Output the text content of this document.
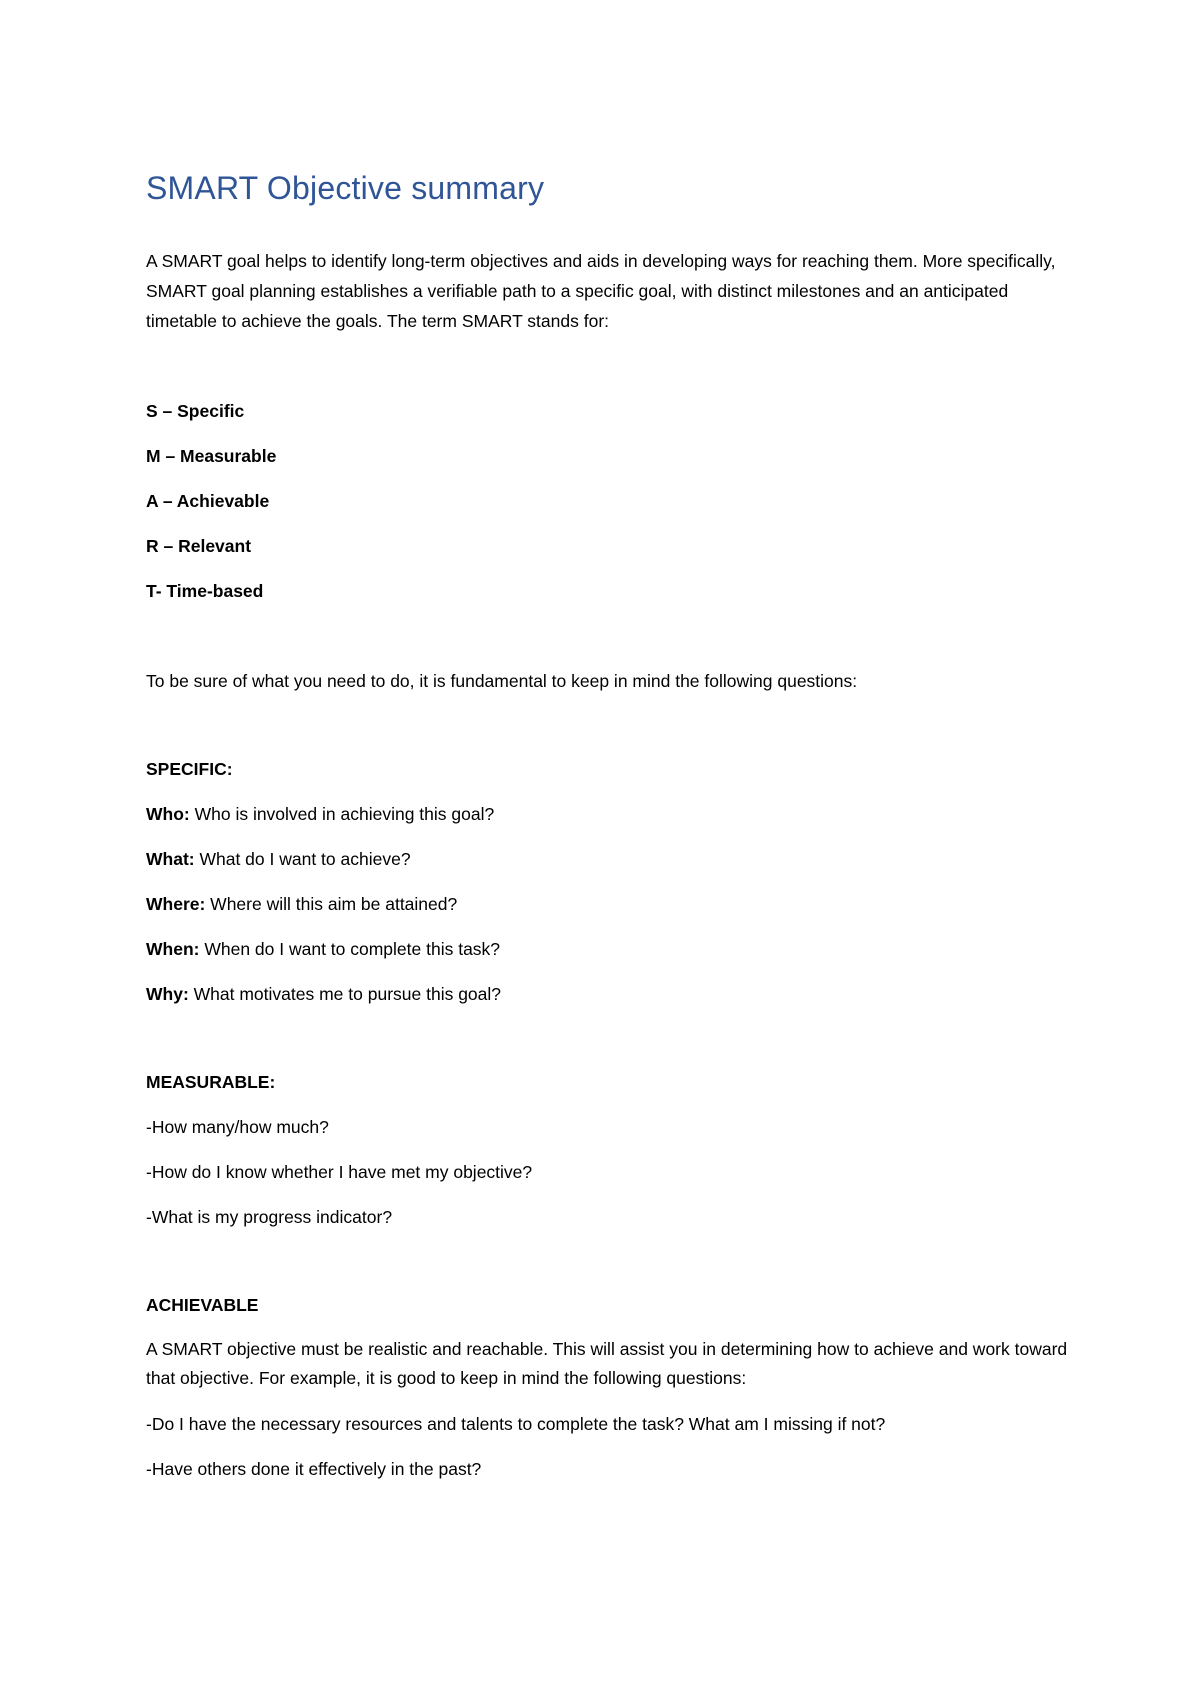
SMART Objective summary

A SMART goal helps to identify long-term objectives and aids in developing ways for reaching them. More specifically, SMART goal planning establishes a verifiable path to a specific goal, with distinct milestones and an anticipated timetable to achieve the goals. The term SMART stands for:

S – Specific

M – Measurable

A – Achievable

R – Relevant

T- Time-based

To be sure of what you need to do, it is fundamental to keep in mind the following questions:

SPECIFIC:

Who: Who is involved in achieving this goal?

What: What do I want to achieve?

Where: Where will this aim be attained?

When: When do I want to complete this task?

Why: What motivates me to pursue this goal?

MEASURABLE:

-How many/how much?

-How do I know whether I have met my objective?

-What is my progress indicator?

ACHIEVABLE

A SMART objective must be realistic and reachable. This will assist you in determining how to achieve and work toward that objective. For example, it is good to keep in mind the following questions:

-Do I have the necessary resources and talents to complete the task? What am I missing if not?

-Have others done it effectively in the past?
